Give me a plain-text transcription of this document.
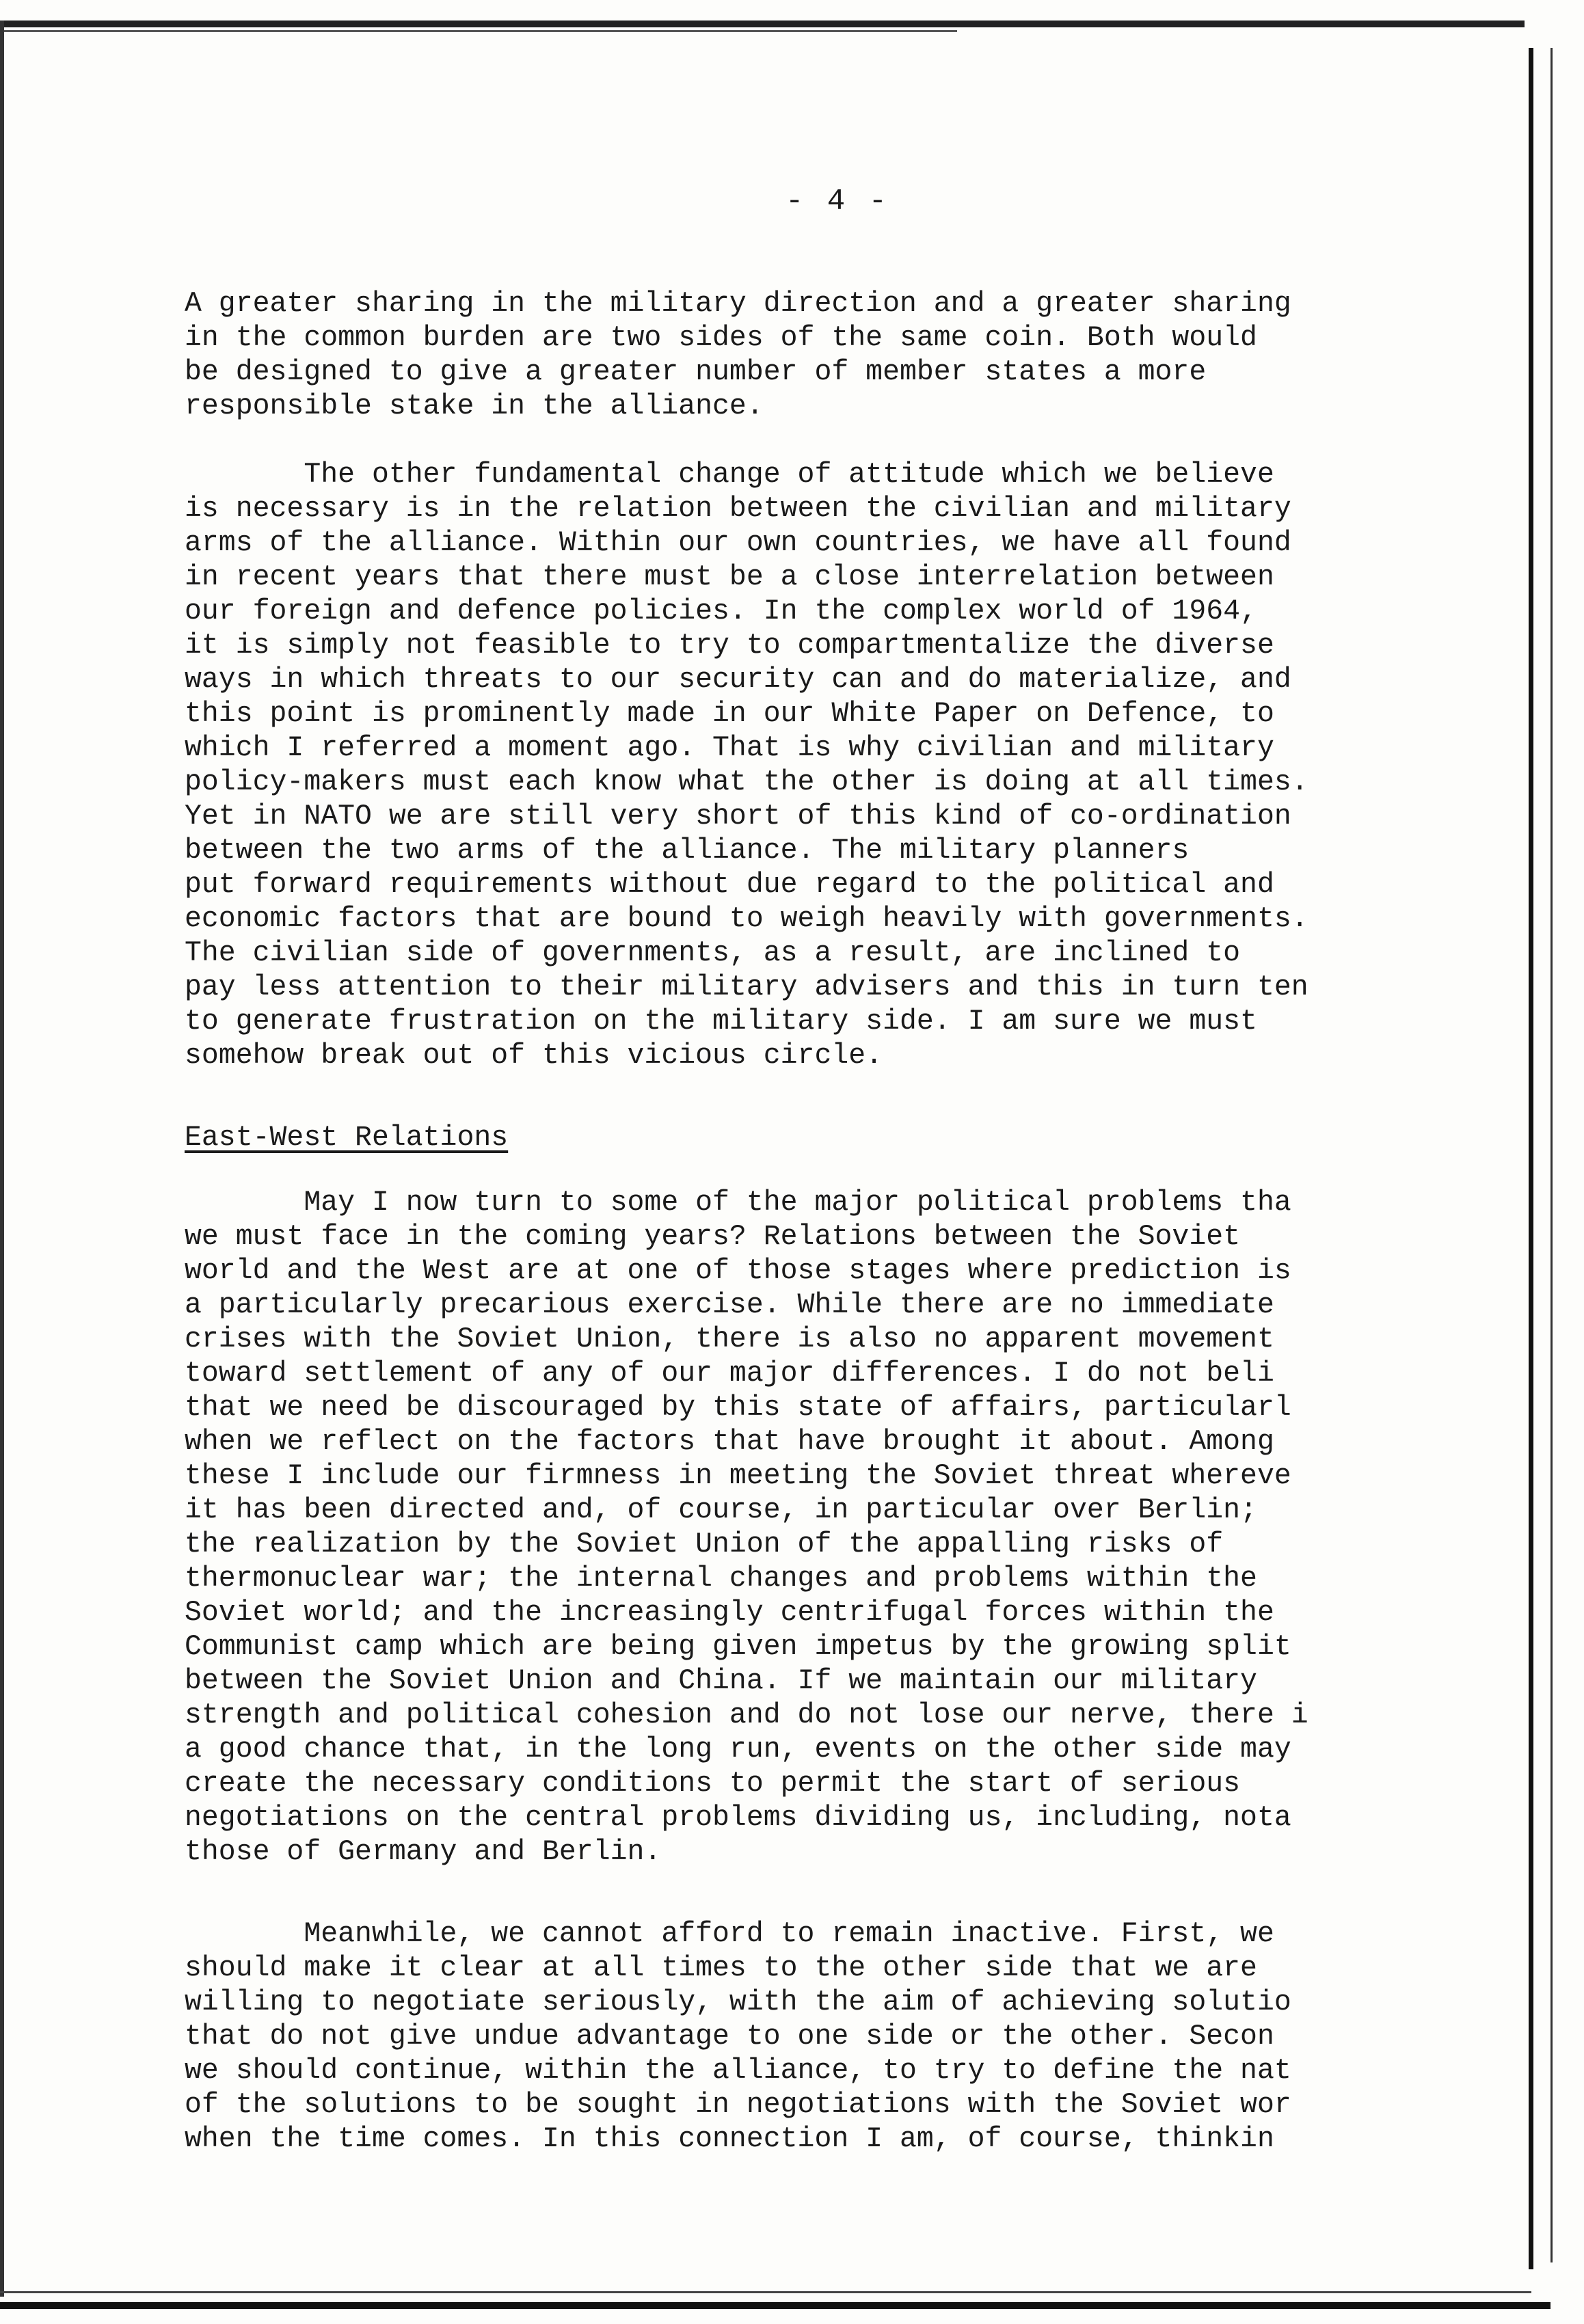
- 4 -
A greater sharing in the military direction and a greater sharing
in the common burden are two sides of the same coin. Both would
be designed to give a greater number of member states a more
responsible stake in the alliance.
The other fundamental change of attitude which we believe
is necessary is in the relation between the civilian and military
arms of the alliance. Within our own countries, we have all found
in recent years that there must be a close interrelation between
our foreign and defence policies. In the complex world of 1964,
it is simply not feasible to try to compartmentalize the diverse
ways in which threats to our security can and do materialize, and
this point is prominently made in our White Paper on Defence, to
which I referred a moment ago. That is why civilian and military
policy-makers must each know what the other is doing at all times.
Yet in NATO we are still very short of this kind of co-ordination
between the two arms of the alliance. The military planners
put forward requirements without due regard to the political and
economic factors that are bound to weigh heavily with governments.
The civilian side of governments, as a result, are inclined to
pay less attention to their military advisers and this in turn ten
to generate frustration on the military side. I am sure we must
somehow break out of this vicious circle.
East-West Relations
May I now turn to some of the major political problems tha
we must face in the coming years? Relations between the Soviet
world and the West are at one of those stages where prediction is
a particularly precarious exercise. While there are no immediate
crises with the Soviet Union, there is also no apparent movement
toward settlement of any of our major differences. I do not beli
that we need be discouraged by this state of affairs, particularl
when we reflect on the factors that have brought it about. Among
these I include our firmness in meeting the Soviet threat whereve
it has been directed and, of course, in particular over Berlin;
the realization by the Soviet Union of the appalling risks of
thermonuclear war; the internal changes and problems within the
Soviet world; and the increasingly centrifugal forces within the
Communist camp which are being given impetus by the growing split
between the Soviet Union and China. If we maintain our military
strength and political cohesion and do not lose our nerve, there i
a good chance that, in the long run, events on the other side may
create the necessary conditions to permit the start of serious
negotiations on the central problems dividing us, including, nota
those of Germany and Berlin.
Meanwhile, we cannot afford to remain inactive. First, we
should make it clear at all times to the other side that we are
willing to negotiate seriously, with the aim of achieving solutio
that do not give undue advantage to one side or the other. Secon
we should continue, within the alliance, to try to define the nat
of the solutions to be sought in negotiations with the Soviet wor
when the time comes. In this connection I am, of course, thinkin
